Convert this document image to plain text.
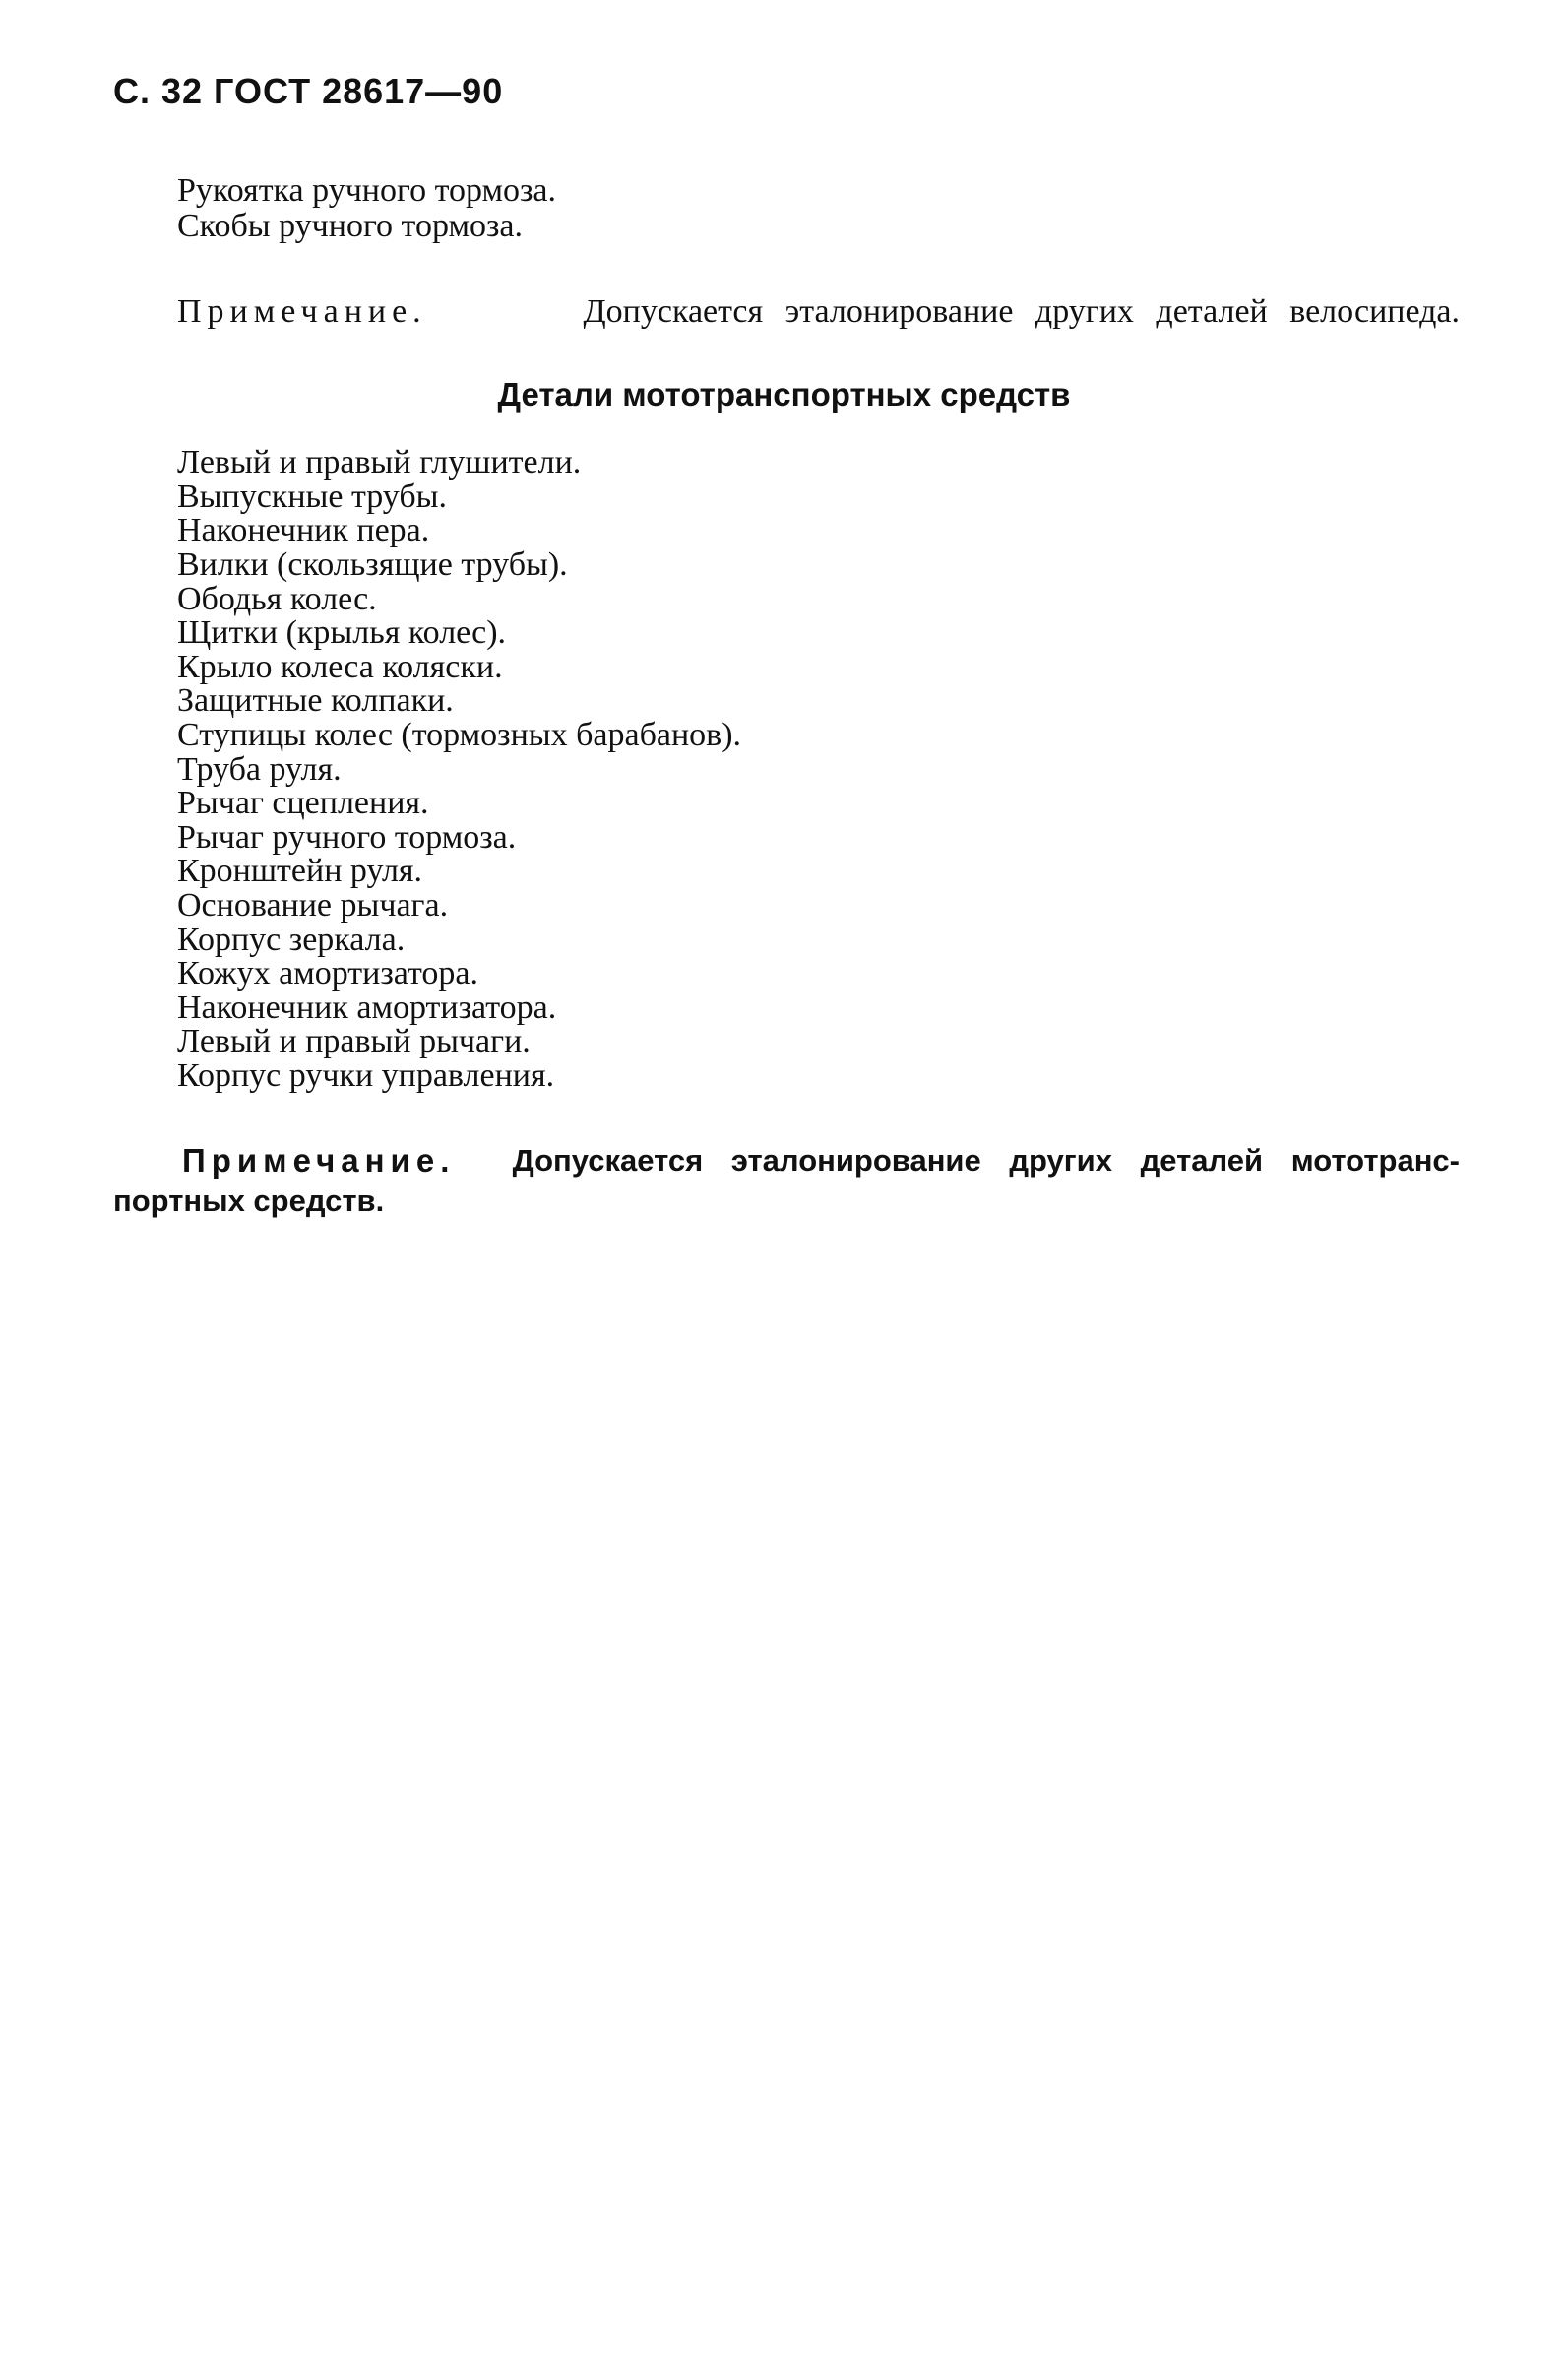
С. 32 ГОСТ 28617—90
Рукоятка ручного тормоза.
Скобы ручного тормоза.
Примечание.	Допускается эталонирование других деталей велосипеда.
Детали мототранспортных средств
Левый и правый глушители.
Выпускные трубы.
Наконечник пера.
Вилки (скользящие трубы).
Ободья колес.
Щитки (крылья колес).
Крыло колеса коляски.
Защитные колпаки.
Ступицы колес (тормозных барабанов).
Труба руля.
Рычаг сцепления.
Рычаг ручного тормоза.
Кронштейн руля.
Основание рычага.
Корпус зеркала.
Кожух амортизатора.
Наконечник амортизатора.
Левый и правый рычаги.
Корпус ручки управления.
Примечание. Допускается эталонирование других деталей мототранс-
портных средств.
